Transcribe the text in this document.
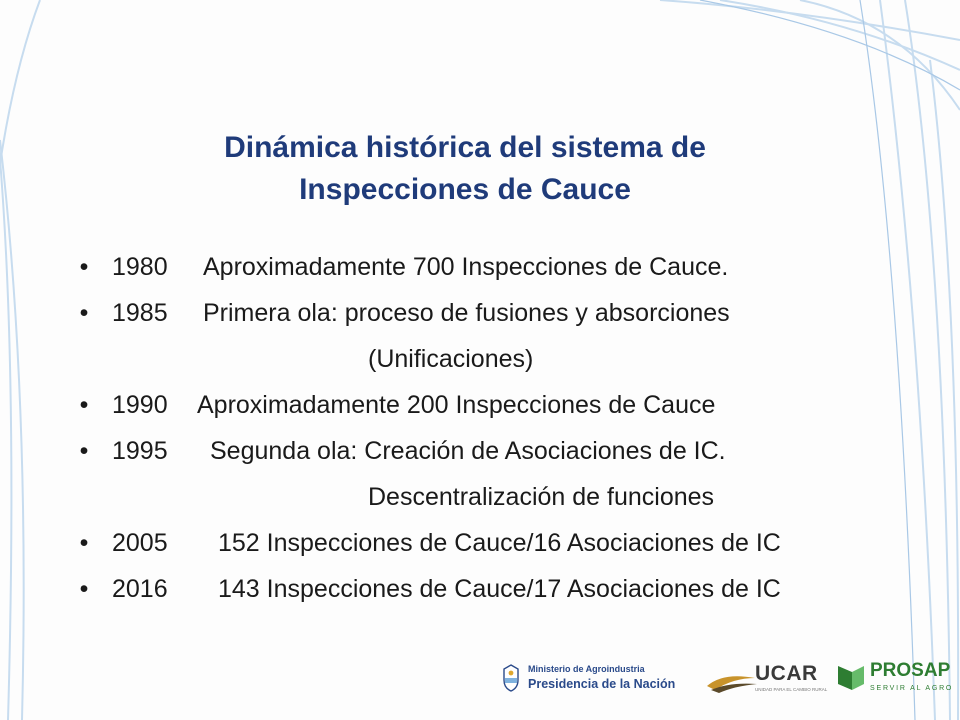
Dinámica histórica del sistema de
Inspecciones de Cauce
• 1980 Aproximadamente 700 Inspecciones de Cauce.
• 1985 Primera ola: proceso de fusiones y absorciones
(Unificaciones)
• 1990 Aproximadamente 200 Inspecciones de Cauce
• 1995 Segunda ola: Creación de Asociaciones de IC.
Descentralización de funciones
• 2005 152 Inspecciones de Cauce/16 Asociaciones de IC
• 2016 143 Inspecciones de Cauce/17 Asociaciones de IC
Ministerio de Agroindustria
Presidencia de la Nación	UCAR
UNIDAD PARA EL CAMBIO RURAL
PROSAP
SERVIR AL AGRO
